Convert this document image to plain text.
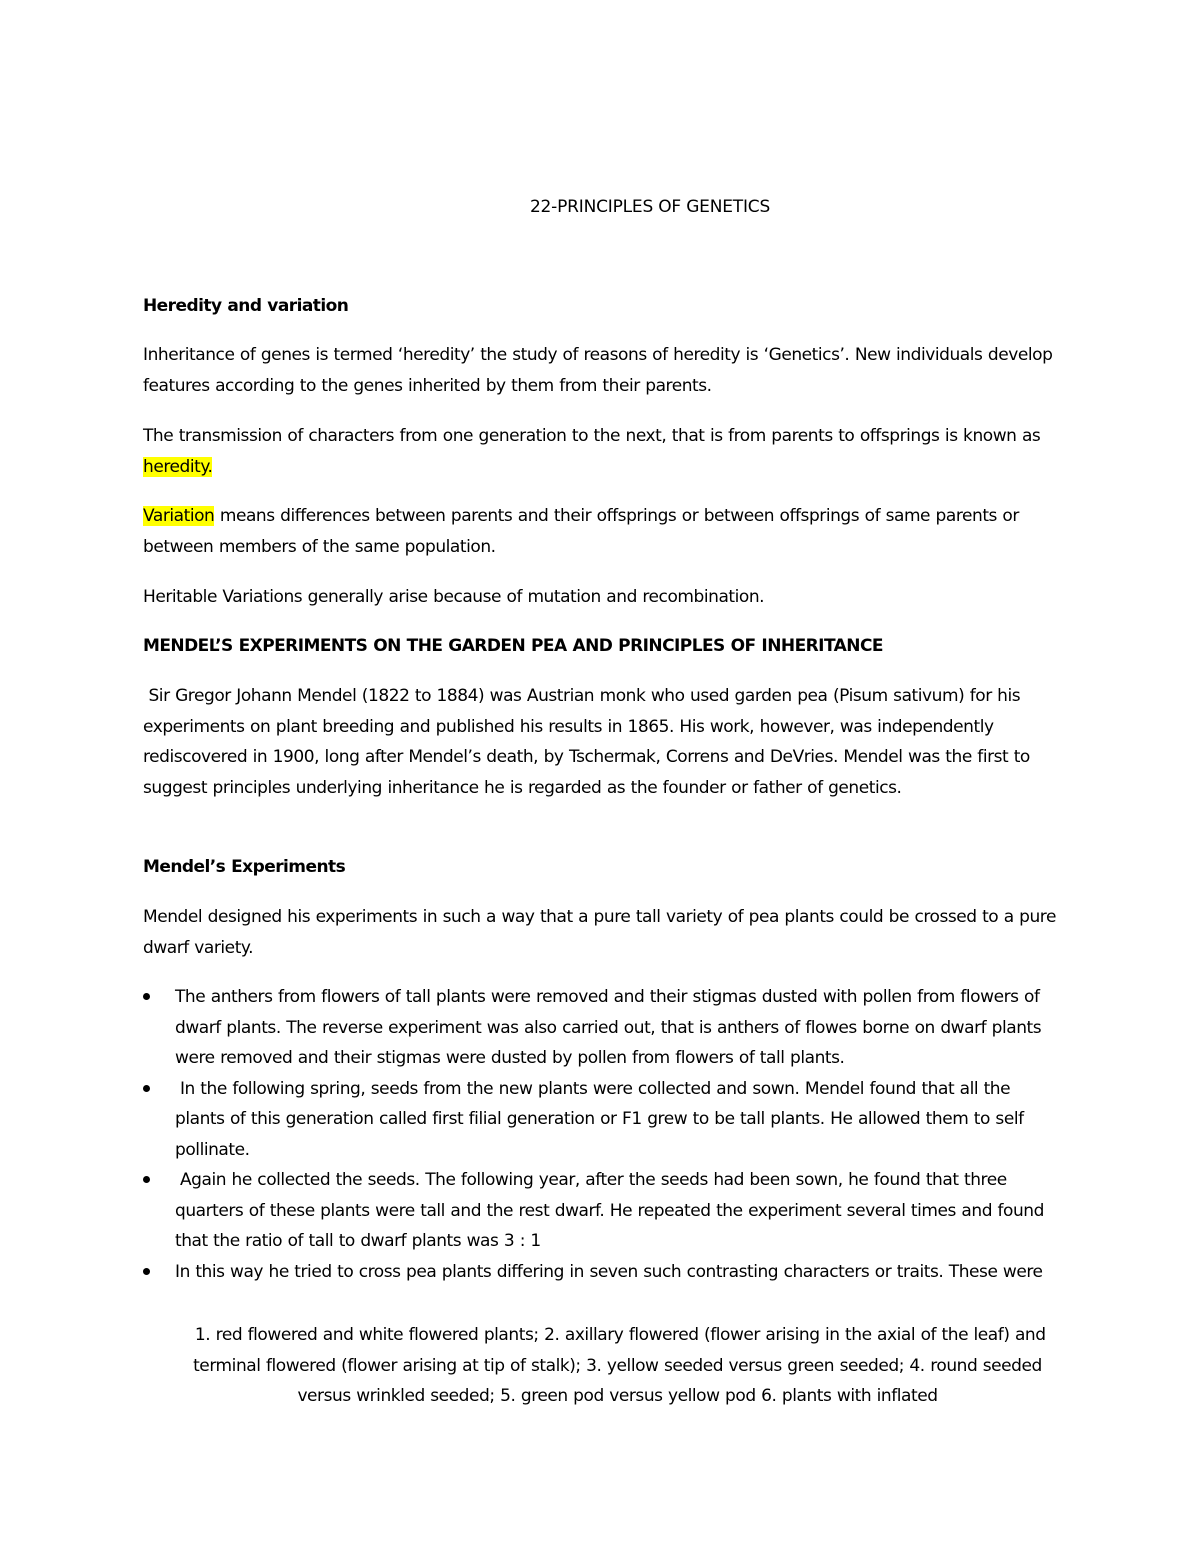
22-PRINCIPLES OF GENETICS

Heredity and variation

Inheritance of genes is termed ‘heredity’ the study of reasons of heredity is ‘Genetics’. New individuals develop features according to the genes inherited by them from their parents.

The transmission of characters from one generation to the next, that is from parents to offsprings is known as heredity.

Variation means differences between parents and their offsprings or between offsprings of same parents or between members of the same population.

Heritable Variations generally arise because of mutation and recombination.

MENDEL’S EXPERIMENTS ON THE GARDEN PEA AND PRINCIPLES OF INHERITANCE

Sir Gregor Johann Mendel (1822 to 1884) was Austrian monk who used garden pea (Pisum sativum) for his experiments on plant breeding and published his results in 1865. His work, however, was independently rediscovered in 1900, long after Mendel’s death, by Tschermak, Correns and DeVries. Mendel was the first to suggest principles underlying inheritance he is regarded as the founder or father of genetics.

Mendel’s Experiments

Mendel designed his experiments in such a way that a pure tall variety of pea plants could be crossed to a pure dwarf variety.

The anthers from flowers of tall plants were removed and their stigmas dusted with pollen from flowers of dwarf plants. The reverse experiment was also carried out, that is anthers of flowes borne on dwarf plants were removed and their stigmas were dusted by pollen from flowers of tall plants.
In the following spring, seeds from the new plants were collected and sown. Mendel found that all the plants of this generation called first filial generation or F1 grew to be tall plants. He allowed them to self pollinate.
Again he collected the seeds. The following year, after the seeds had been sown, he found that three quarters of these plants were tall and the rest dwarf. He repeated the experiment several times and found that the ratio of tall to dwarf plants was 3 : 1
In this way he tried to cross pea plants differing in seven such contrasting characters or traits. These were

1. red flowered and white flowered plants; 2. axillary flowered (flower arising in the axial of the leaf) and terminal flowered (flower arising at tip of stalk); 3. yellow seeded versus green seeded; 4. round seeded versus wrinkled seeded; 5. green pod versus yellow pod 6. plants with inflated
